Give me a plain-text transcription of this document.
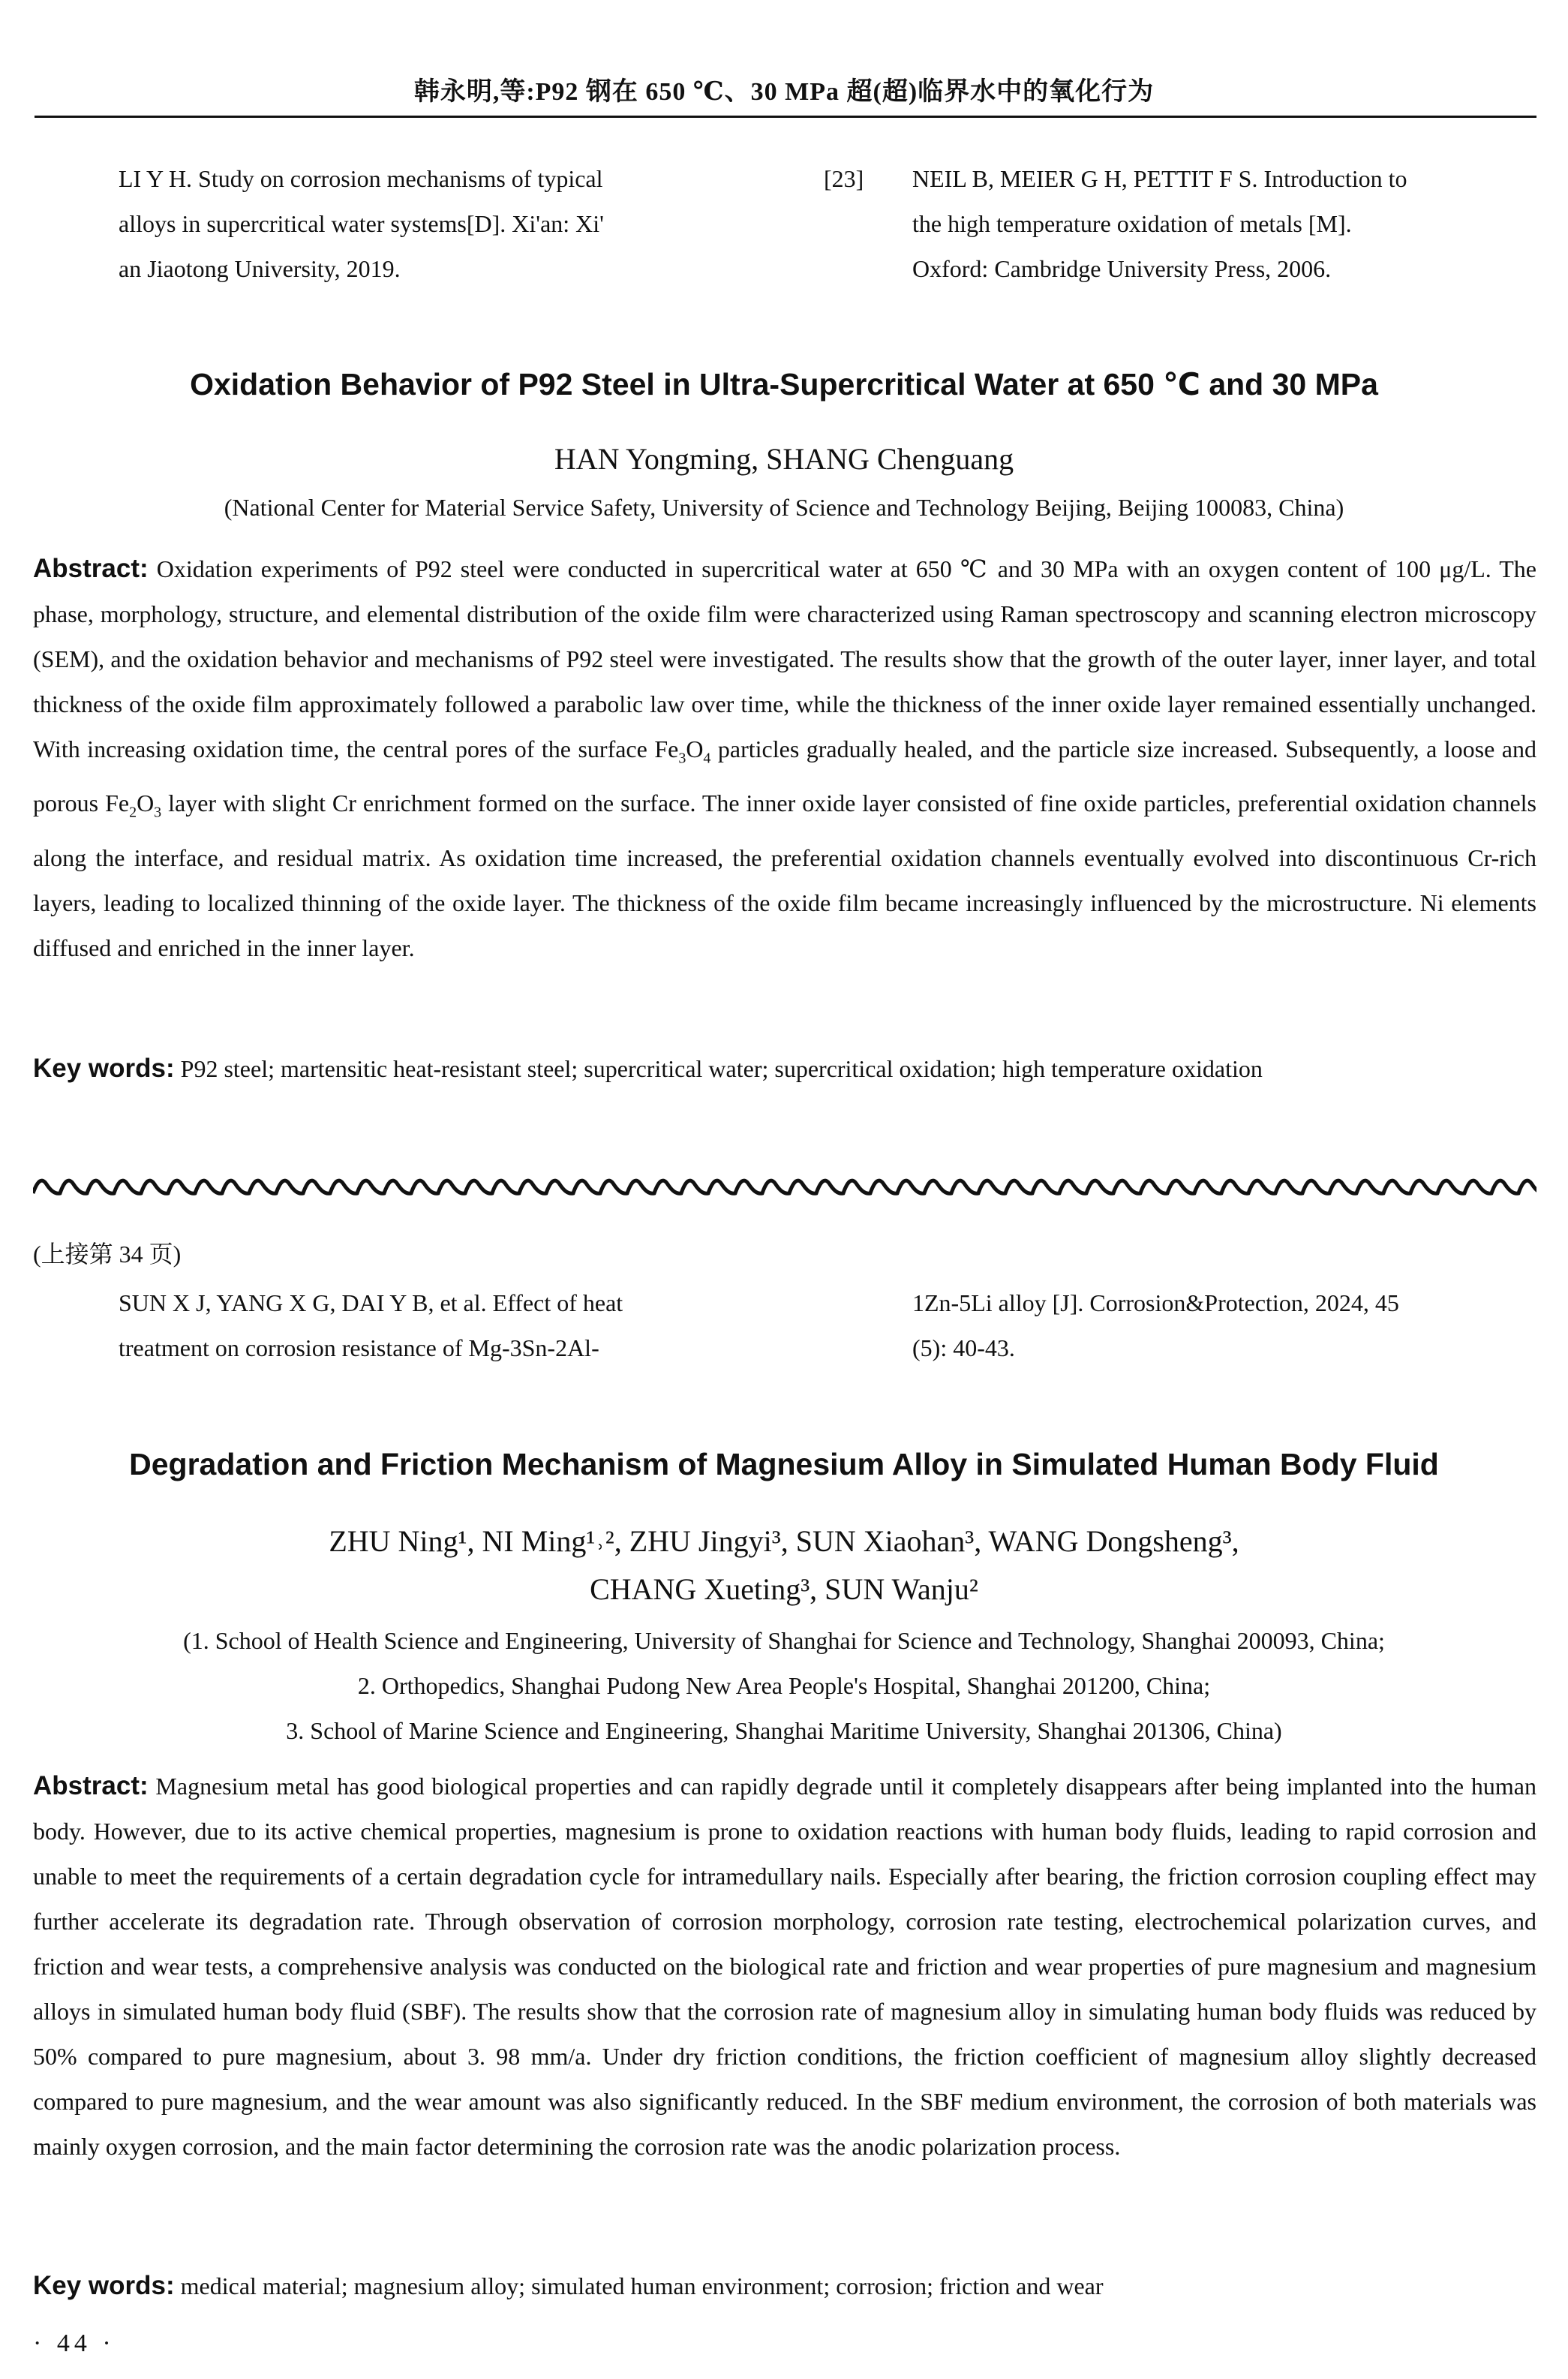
韩永明,等:P92 钢在 650 ℃、30 MPa 超(超)临界水中的氧化行为
LI Y H. Study on corrosion mechanisms of typical
alloys in supercritical water systems[D]. Xi'an: Xi'
an Jiaotong University, 2019.
[23] NEIL B, MEIER G H, PETTIT F S. Introduction to
the high temperature oxidation of metals [M].
Oxford: Cambridge University Press, 2006.
Oxidation Behavior of P92 Steel in Ultra-Supercritical Water at 650 ℃ and 30 MPa
HAN Yongming, SHANG Chenguang
(National Center for Material Service Safety, University of Science and Technology Beijing, Beijing 100083, China)
Abstract: Oxidation experiments of P92 steel were conducted in supercritical water at 650 ℃ and 30 MPa with an oxygen content of 100 μg/L. The phase, morphology, structure, and elemental distribution of the oxide film were characterized using Raman spectroscopy and scanning electron microscopy (SEM), and the oxidation behavior and mechanisms of P92 steel were investigated. The results show that the growth of the outer layer, inner layer, and total thickness of the oxide film approximately followed a parabolic law over time, while the thickness of the inner oxide layer remained essentially unchanged. With increasing oxidation time, the central pores of the surface $Fe_3O_4$ particles gradually healed, and the particle size increased. Subsequently, a loose and porous $Fe_2O_3$ layer with slight Cr enrichment formed on the surface. The inner oxide layer consisted of fine oxide particles, preferential oxidation channels along the interface, and residual matrix. As oxidation time increased, the preferential oxidation channels eventually evolved into discontinuous Cr-rich layers, leading to localized thinning of the oxide layer. The thickness of the oxide film became increasingly influenced by the microstructure. Ni elements diffused and enriched in the inner layer.
Key words: P92 steel; martensitic heat-resistant steel; supercritical water; supercritical oxidation; high temperature oxidation
(上接第 34 页)
SUN X J, YANG X G, DAI Y B, et al. Effect of heat
treatment on corrosion resistance of Mg-3Sn-2Al-
1Zn-5Li alloy [J]. Corrosion&Protection, 2024, 45
(5): 40-43.
Degradation and Friction Mechanism of Magnesium Alloy in Simulated Human Body Fluid
ZHU Ning¹, NI Ming¹˒², ZHU Jingyi³, SUN Xiaohan³, WANG Dongsheng³,
CHANG Xueting³, SUN Wanju²
(1. School of Health Science and Engineering, University of Shanghai for Science and Technology, Shanghai 200093, China;
2. Orthopedics, Shanghai Pudong New Area People's Hospital, Shanghai 201200, China;
3. School of Marine Science and Engineering, Shanghai Maritime University, Shanghai 201306, China)
Abstract: Magnesium metal has good biological properties and can rapidly degrade until it completely disappears after being implanted into the human body. However, due to its active chemical properties, magnesium is prone to oxidation reactions with human body fluids, leading to rapid corrosion and unable to meet the requirements of a certain degradation cycle for intramedullary nails. Especially after bearing, the friction corrosion coupling effect may further accelerate its degradation rate. Through observation of corrosion morphology, corrosion rate testing, electrochemical polarization curves, and friction and wear tests, a comprehensive analysis was conducted on the biological rate and friction and wear properties of pure magnesium and magnesium alloys in simulated human body fluid (SBF). The results show that the corrosion rate of magnesium alloy in simulating human body fluids was reduced by 50% compared to pure magnesium, about 3. 98 mm/a. Under dry friction conditions, the friction coefficient of magnesium alloy slightly decreased compared to pure magnesium, and the wear amount was also significantly reduced. In the SBF medium environment, the corrosion of both materials was mainly oxygen corrosion, and the main factor determining the corrosion rate was the anodic polarization process.
Key words: medical material; magnesium alloy; simulated human environment; corrosion; friction and wear
· 44 ·
